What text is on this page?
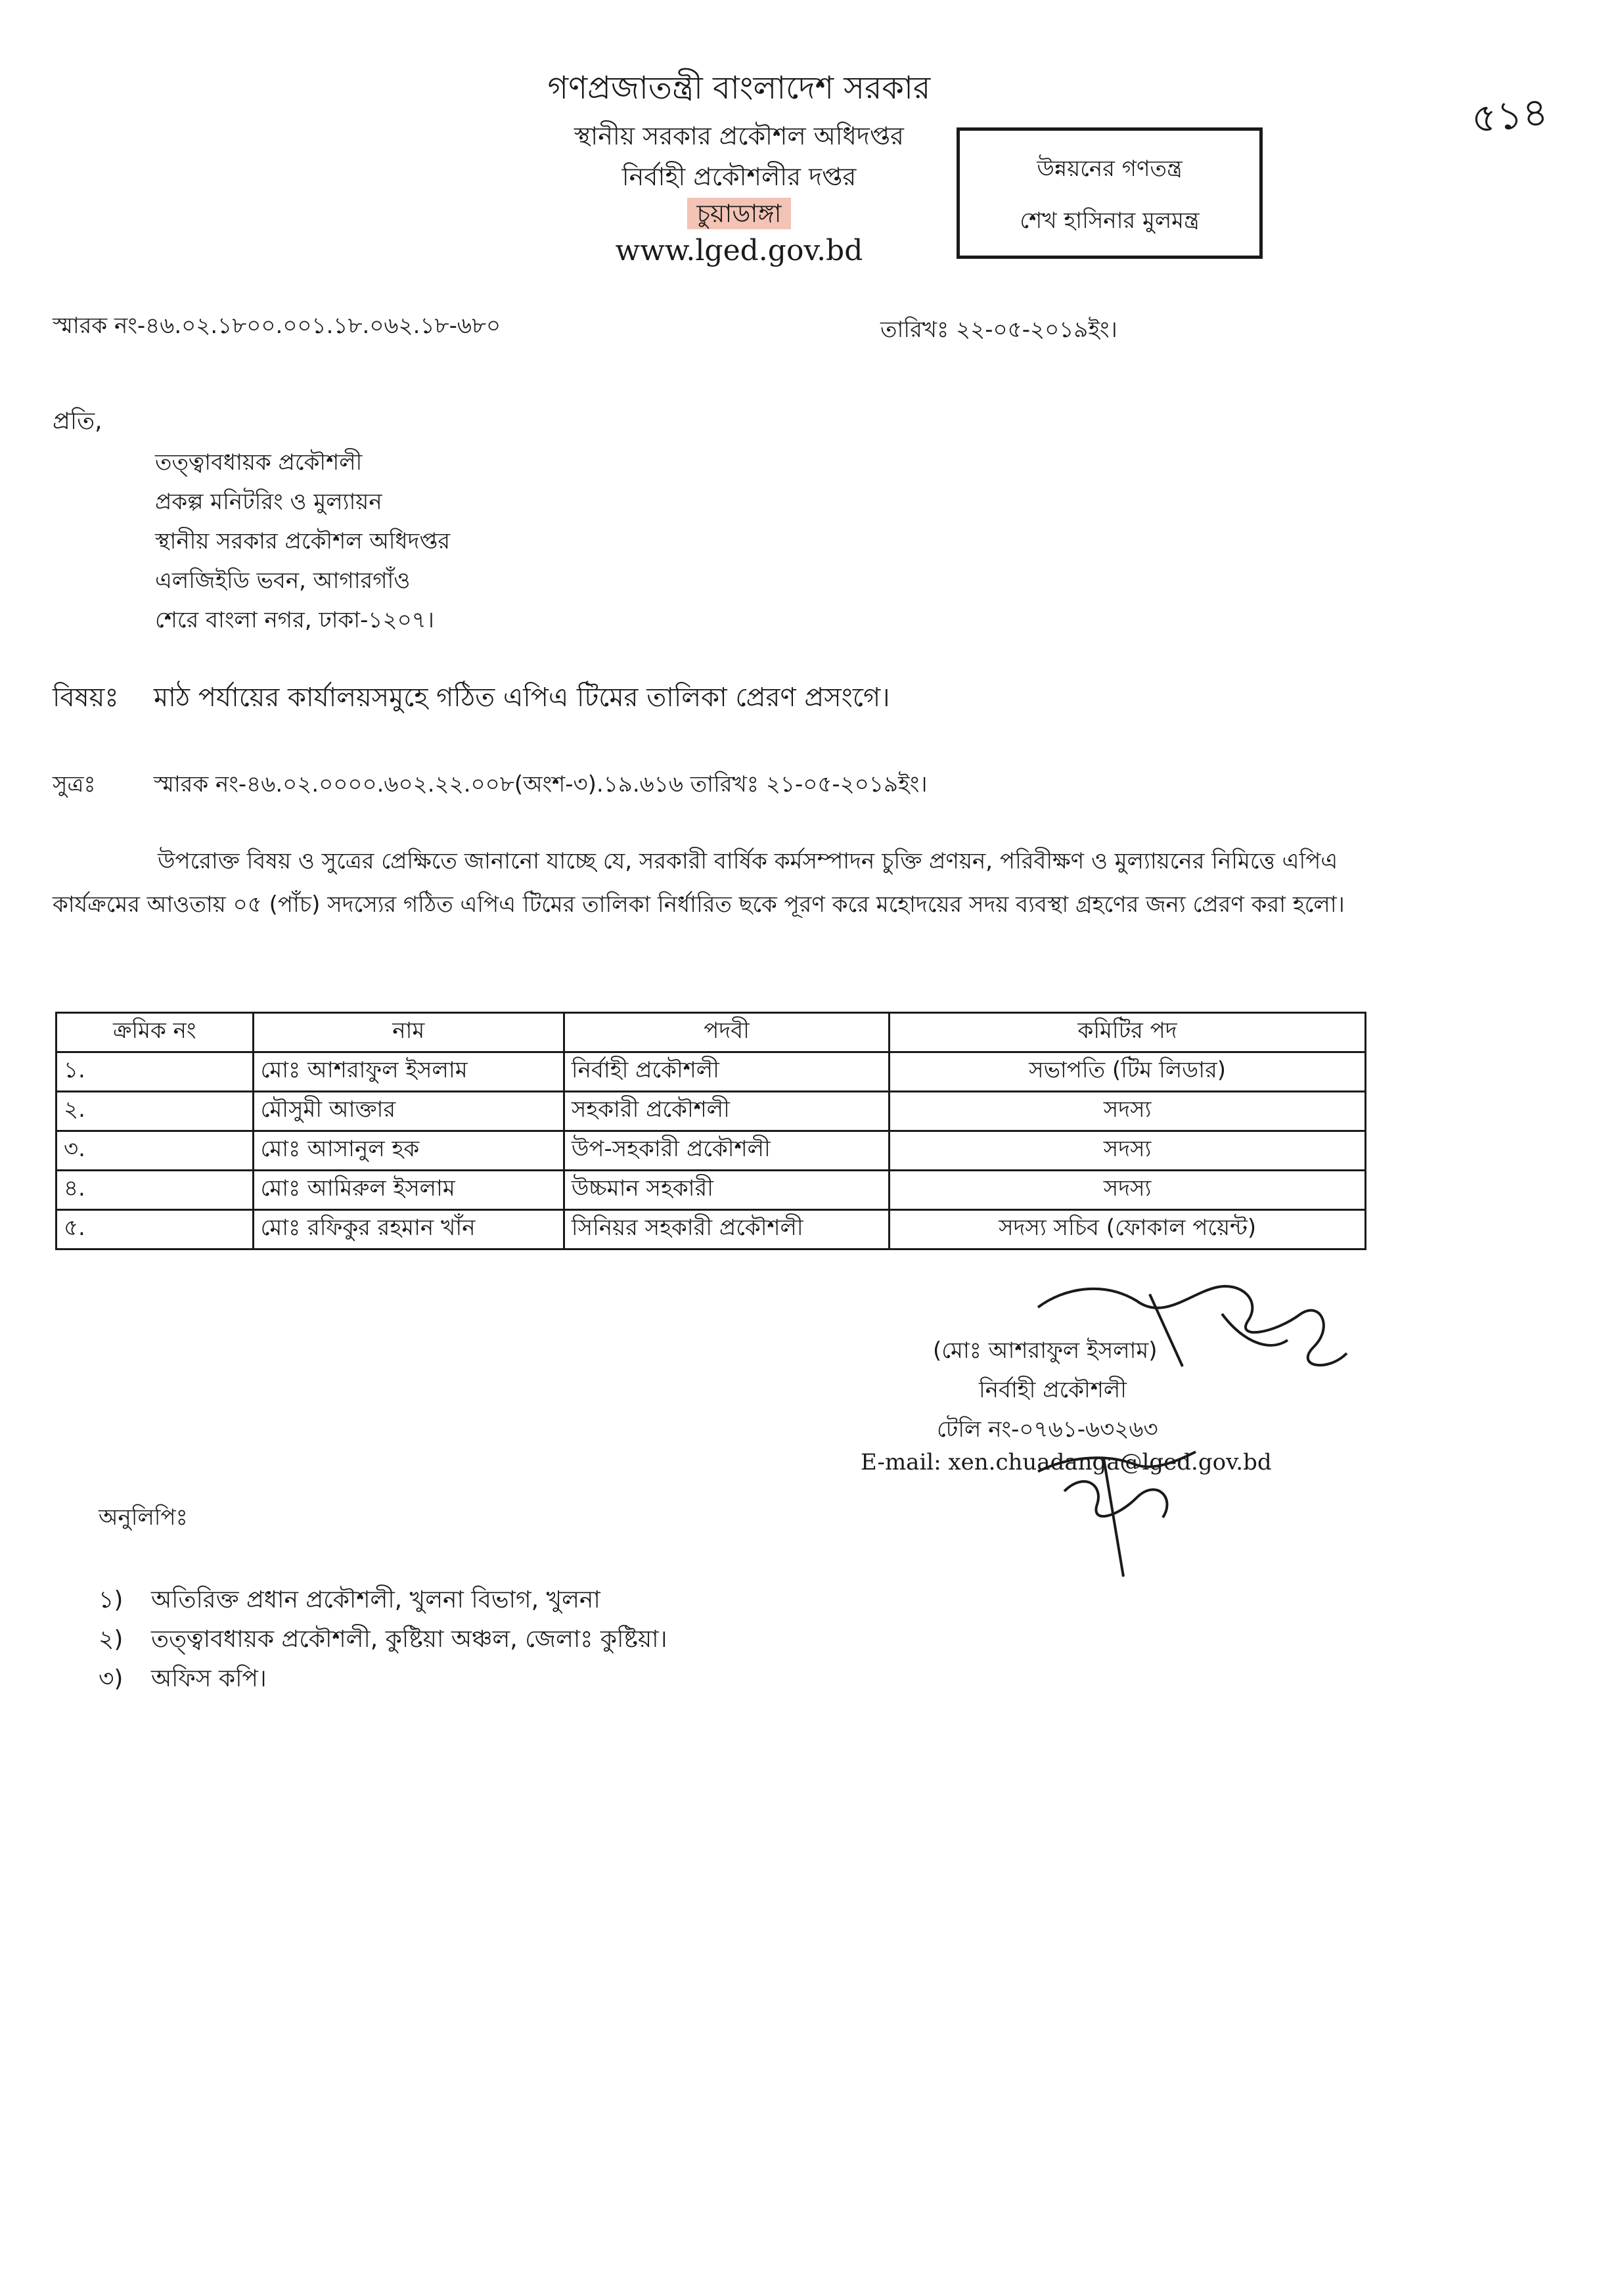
গণপ্রজাতন্ত্রী বাংলাদেশ সরকার
স্থানীয় সরকার প্রকৌশল অধিদপ্তর
নির্বাহী প্রকৌশলীর দপ্তর
চুয়াডাঙ্গা
www.lged.gov.bd
উন্নয়নের গণতন্ত্র
শেখ হাসিনার মুলমন্ত্র
৫১৪
স্মারক নং-৪৬.০২.১৮০০.০০১.১৮.০৬২.১৮-৬৮০	তারিখঃ ২২-০৫-২০১৯ইং।
প্রতি,
তত্ত্বাবধায়ক প্রকৌশলী
প্রকল্প মনিটরিং ও মুল্যায়ন
স্থানীয় সরকার প্রকৌশল অধিদপ্তর
এলজিইডি ভবন, আগারগাঁও
শেরে বাংলা নগর, ঢাকা-১২০৭।
বিষয়ঃ মাঠ পর্যায়ের কার্যালয়সমুহে গঠিত এপিএ টিমের তালিকা প্রেরণ প্রসংগে।
সুত্রঃ	স্মারক নং-৪৬.০২.০০০০.৬০২.২২.০০৮(অংশ-৩).১৯.৬১৬ তারিখঃ ২১-০৫-২০১৯ইং।
উপরোক্ত বিষয় ও সুত্রের প্রেক্ষিতে জানানো যাচ্ছে যে, সরকারী বার্ষিক কর্মসম্পাদন চুক্তি প্রণয়ন, পরিবীক্ষণ ও মুল্যায়নের নিমিত্তে এপিএ কার্যক্রমের আওতায় ০৫ (পাঁচ) সদস্যের গঠিত এপিএ টিমের তালিকা নির্ধারিত ছকে পূরণ করে মহোদয়ের সদয় ব্যবস্থা গ্রহণের জন্য প্রেরণ করা হলো।
ক্রমিক নং	নাম	পদবী	কমিটির পদ
১.	মোঃ আশরাফুল ইসলাম	নির্বাহী প্রকৌশলী	সভাপতি (টিম লিডার)
২.	মৌসুমী আক্তার	সহকারী প্রকৌশলী	সদস্য
৩.	মোঃ আসানুল হক	উপ-সহকারী প্রকৌশলী	সদস্য
৪.	মোঃ আমিরুল ইসলাম	উচ্চমান সহকারী	সদস্য
৫.	মোঃ রফিকুর রহমান খাঁন	সিনিয়র সহকারী প্রকৌশলী	সদস্য সচিব (ফোকাল পয়েন্ট)
(মোঃ আশরাফুল ইসলাম)
নির্বাহী প্রকৌশলী
টেলি নং-০৭৬১-৬৩২৬৩
E-mail: xen.chuadanga@lged.gov.bd
অনুলিপিঃ
১) অতিরিক্ত প্রধান প্রকৌশলী, খুলনা বিভাগ, খুলনা
২) তত্ত্বাবধায়ক প্রকৌশলী, কুষ্টিয়া অঞ্চল, জেলাঃ কুষ্টিয়া।
৩) অফিস কপি।
